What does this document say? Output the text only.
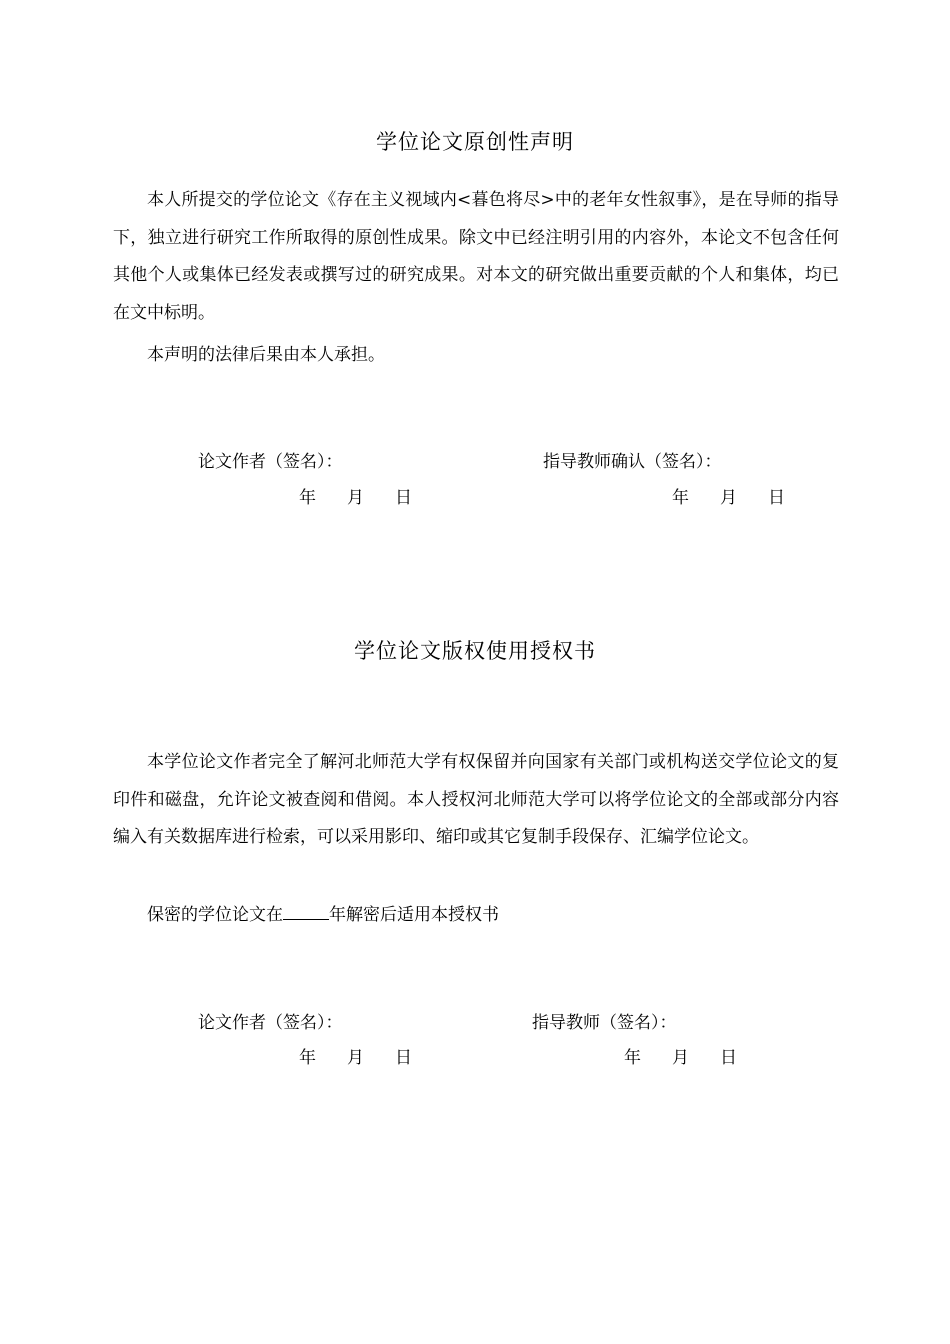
学位论文原创性声明

本人所提交的学位论文《存在主义视域内<暮色将尽>中的老年女性叙事》，是在导师的指导下，独立进行研究工作所取得的原创性成果。除文中已经注明引用的内容外，本论文不包含任何其他个人或集体已经发表或撰写过的研究成果。对本文的研究做出重要贡献的个人和集体，均已在文中标明。

本声明的法律后果由本人承担。

论文作者（签名）：	指导教师确认（签名）：
年 月 日	年 月 日
学位论文版权使用授权书

本学位论文作者完全了解河北师范大学有权保留并向国家有关部门或机构送交学位论文的复印件和磁盘，允许论文被查阅和借阅。本人授权河北师范大学可以将学位论文的全部或部分内容编入有关数据库进行检索，可以采用影印、缩印或其它复制手段保存、汇编学位论文。

保密的学位论文在	年解密后适用本授权书

论文作者（签名）：	指导教师（签名）：
年 月 日	年 月 日
